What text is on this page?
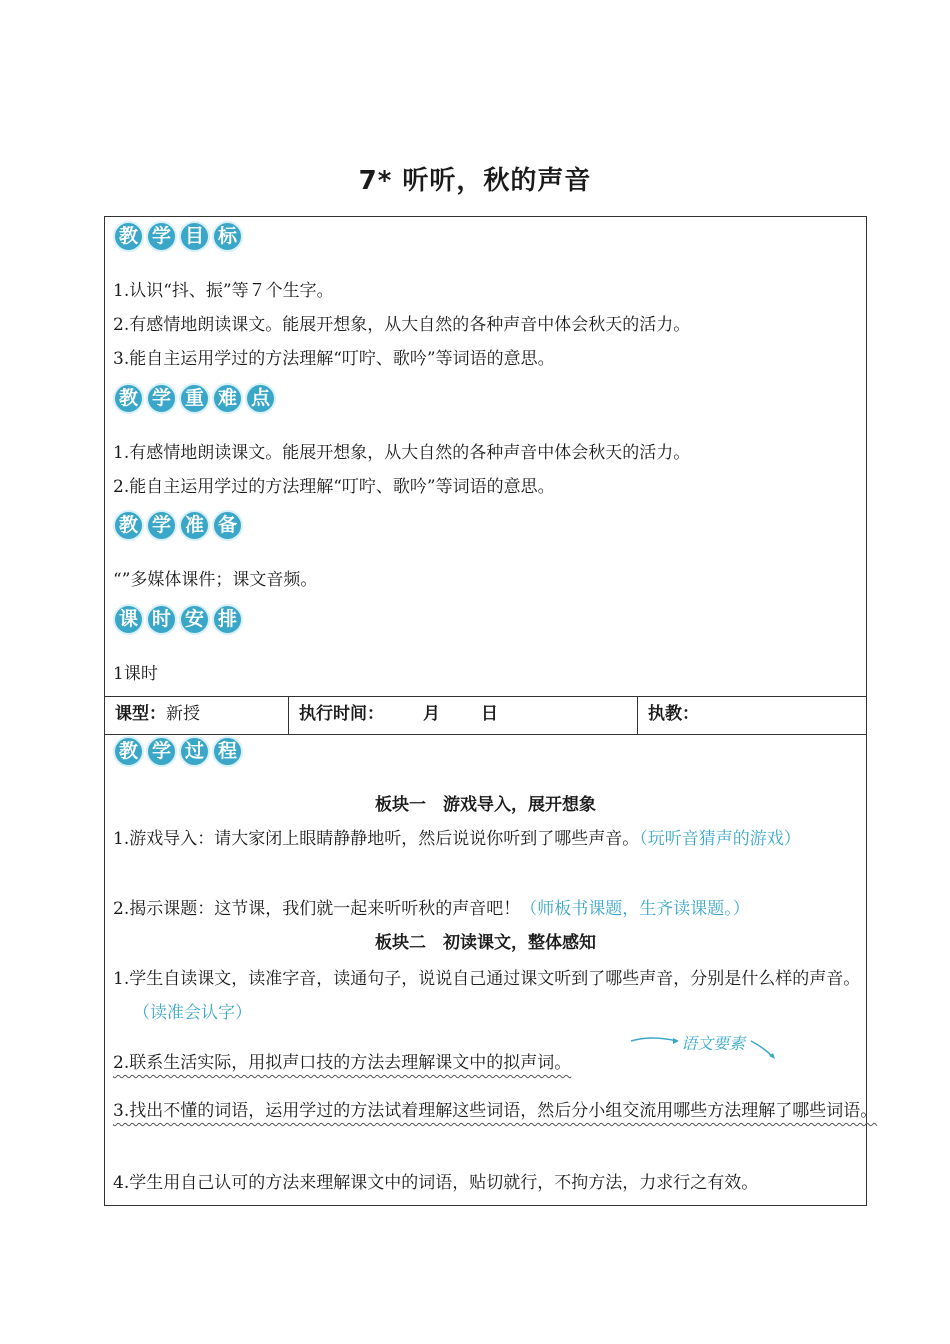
7* 听听，秋的声音
教 学 目 标
1.认识“抖、振”等７个生字。
2.有感情地朗读课文。能展开想象，从大自然的各种声音中体会秋天的活力。
3.能自主运用学过的方法理解“叮咛、歌吟”等词语的意思。
教 学 重 难 点
1.有感情地朗读课文。能展开想象，从大自然的各种声音中体会秋天的活力。
2.能自主运用学过的方法理解“叮咛、歌吟”等词语的意思。
教 学 准 备
“”多媒体课件；课文音频。
课 时 安 排
1课时
课型：新授	执行时间： 月 日	执教：
教 学 过 程
板块一　游戏导入，展开想象
1.游戏导入：请大家闭上眼睛静静地听，然后说说你听到了哪些声音。（玩听音猜声的游戏）
2.揭示课题：这节课，我们就一起来听听秋的声音吧！（师板书课题，生齐读课题。）
板块二　初读课文，整体感知
1.学生自读课文，读准字音，读通句子，说说自己通过课文听到了哪些声音，分别是什么样的声音。（读准会认字）
2.联系生活实际，用拟声口技的方法去理解课文中的拟声词。
语文要素
3.找出不懂的词语，运用学过的方法试着理解这些词语，然后分小组交流用哪些方法理解了哪些词语。
4.学生用自己认可的方法来理解课文中的词语，贴切就行，不拘方法，力求行之有效。
